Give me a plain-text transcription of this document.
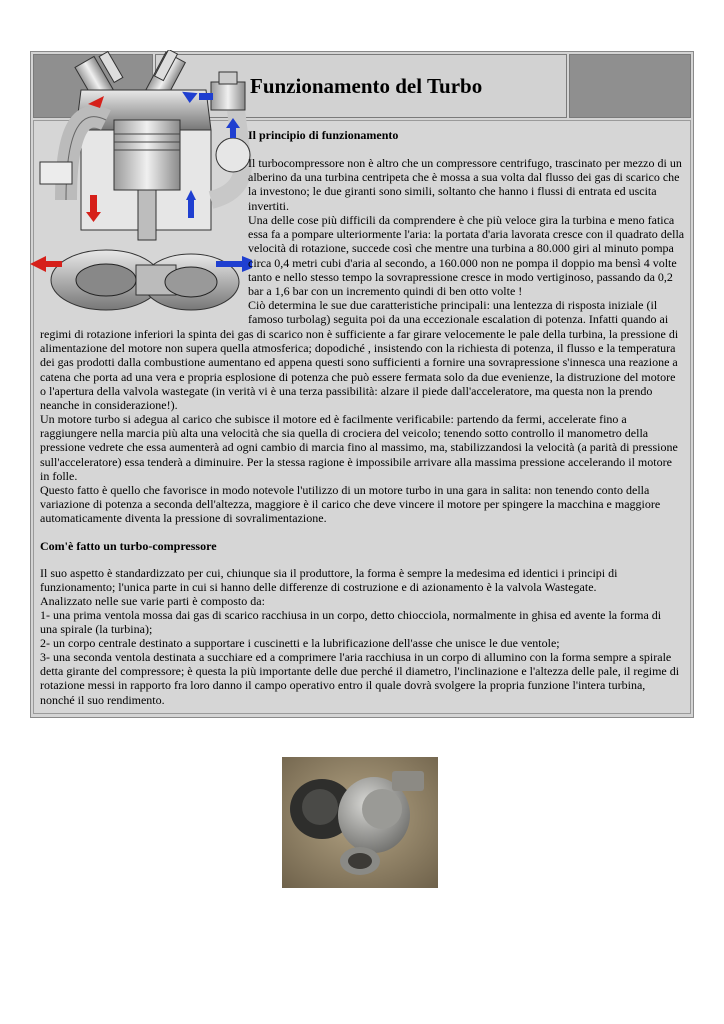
Funzionamento del Turbo
Il principio di funzionamento
Il turbocompressore non è altro che un compressore centrifugo, trascinato per mezzo di un alberino da una turbina centripeta che è mossa a sua volta dal flusso dei gas di scarico che la investono; le due giranti sono simili, soltanto che hanno i flussi di entrata ed uscita invertiti.
Una delle cose più difficili da comprendere è che più veloce gira la turbina e meno fatica essa fa a pompare ulteriormente l'aria: la portata d'aria lavorata cresce con il quadrato della velocità di rotazione, succede così che mentre una turbina a 80.000 giri al minuto pompa circa 0,4 metri cubi d'aria al secondo, a 160.000 non ne pompa il doppio ma bensì 4 volte tanto e nello stesso tempo la sovrapressione cresce in modo vertiginoso, passando da 0,2 bar a 1,6 bar con un incremento quindi di ben otto volte !
Ciò determina le sue due caratteristiche principali: una lentezza di risposta iniziale (il famoso turbolag) seguita poi da una eccezionale escalation di potenza. Infatti quando ai
regimi di rotazione inferiori la spinta dei gas di scarico non è sufficiente a far girare velocemente le pale della turbina, la pressione di alimentazione del motore non supera quella atmosferica; dopodiché , insistendo con la richiesta di potenza, il flusso e la temperatura dei gas prodotti dalla combustione aumentano ed appena questi sono sufficienti a fornire una sovrapressione s'innesca una reazione a catena che porta ad una vera e propria esplosione di potenza che può essere fermata solo da due evenienze, la distruzione del motore o l'apertura della valvola wastegate (in verità vi è una terza passibilità: alzare il piede dall'acceleratore, ma questa non la prendo neanche in considerazione!).
Un motore turbo si adegua al carico che subisce il motore ed è facilmente verificabile: partendo da fermi, accelerate fino a raggiungere nella marcia più alta una velocità che sia quella di crociera del veicolo; tenendo sotto controllo il manometro della pressione vedrete che essa aumenterà ad ogni cambio di marcia fino al massimo, ma, stabilizzandosi la velocità (a parità di pressione sull'acceleratore) essa tenderà a diminuire. Per la stessa ragione è impossibile arrivare alla massima pressione accelerando il motore in folle.
Questo fatto è quello che favorisce in modo notevole l'utilizzo di un motore turbo in una gara in salita: non tenendo conto della variazione di potenza a seconda dell'altezza, maggiore è il carico che deve vincere il motore per spingere la macchina e maggiore automaticamente diventa la pressione di sovralimentazione.
Com'è fatto un turbo-compressore
Il suo aspetto è standardizzato per cui, chiunque sia il produttore, la forma è sempre la medesima ed identici i principi di funzionamento; l'unica parte in cui si hanno delle differenze di costruzione e di azionamento è la valvola Wastegate.
Analizzato nelle sue varie parti è composto da:
1- una prima ventola mossa dai gas di scarico racchiusa in un corpo, detto chiocciola, normalmente in ghisa ed avente la forma di una spirale (la turbina);
2- un corpo centrale destinato a supportare i cuscinetti e la lubrificazione dell'asse che unisce le due ventole;
3- una seconda ventola destinata a succhiare ed a comprimere l'aria racchiusa in un corpo di allumino con la forma sempre a spirale detta girante del compressore; è questa la più importante delle due perché il diametro, l'inclinazione e l'altezza delle pale, il regime di rotazione messi in rapporto fra loro danno il campo operativo entro il quale dovrà svolgere la propria funzione l'intera turbina, nonché il suo rendimento.
